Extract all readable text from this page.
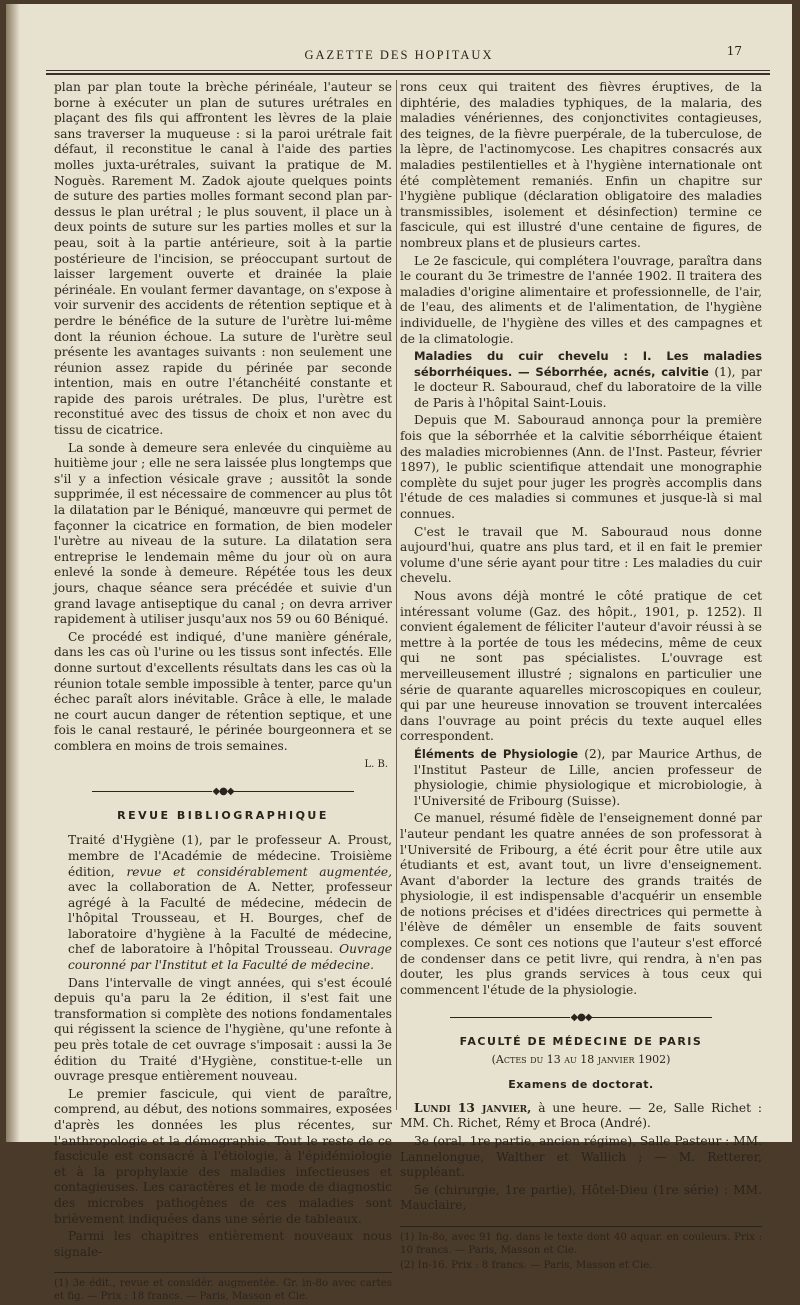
GAZETTE DES HOPITAUX	17

plan par plan toute la brèche périnéale, l'auteur se borne à exécuter un plan de sutures urétrales en plaçant des fils qui affrontent les lèvres de la plaie sans traverser la muqueuse : si la paroi urétrale fait défaut, il reconstitue le canal à l'aide des parties molles juxta-urétrales, suivant la pratique de M. Noguès. Rarement M. Zadok ajoute quelques points de suture des parties molles formant second plan par-dessus le plan urétral ; le plus souvent, il place un à deux points de suture sur les parties molles et sur la peau, soit à la partie antérieure, soit à la partie postérieure de l'incision, se préoccupant surtout de laisser largement ouverte et drainée la plaie périnéale. En voulant fermer davantage, on s'expose à voir survenir des accidents de rétention septique et à perdre le bénéfice de la suture de l'urètre lui-même dont la réunion échoue. La suture de l'urètre seul présente les avantages suivants : non seulement une réunion assez rapide du périnée par seconde intention, mais en outre l'étanchéité constante et rapide des parois urétrales. De plus, l'urètre est reconstitué avec des tissus de choix et non avec du tissu de cicatrice.

La sonde à demeure sera enlevée du cinquième au huitième jour ; elle ne sera laissée plus longtemps que s'il y a infection vésicale grave ; aussitôt la sonde supprimée, il est nécessaire de commencer au plus tôt la dilatation par le Béniqué, manœuvre qui permet de façonner la cicatrice en formation, de bien modeler l'urètre au niveau de la suture. La dilatation sera entreprise le lendemain même du jour où on aura enlevé la sonde à demeure. Répétée tous les deux jours, chaque séance sera précédée et suivie d'un grand lavage antiseptique du canal ; on devra arriver rapidement à utiliser jusqu'aux nos 59 ou 60 Béniqué.

Ce procédé est indiqué, d'une manière générale, dans les cas où l'urine ou les tissus sont infectés. Elle donne surtout d'excellents résultats dans les cas où la réunion totale semble impossible à tenter, parce qu'un échec paraît alors inévitable. Grâce à elle, le malade ne court aucun danger de rétention septique, et une fois le canal restauré, le périnée bourgeonnera et se comblera en moins de trois semaines.

L. B.
◆●◆
REVUE BIBLIOGRAPHIQUE

Traité d'Hygiène (1), par le professeur A. Proust, membre de l'Académie de médecine. Troisième édition, revue et considérablement augmentée, avec la collaboration de A. Netter, professeur agrégé à la Faculté de médecine, médecin de l'hôpital Trousseau, et H. Bourges, chef de laboratoire d'hygiène à la Faculté de médecine, chef de laboratoire à l'hôpital Trousseau. Ouvrage couronné par l'Institut et la Faculté de médecine.

Dans l'intervalle de vingt années, qui s'est écoulé depuis qu'a paru la 2e édition, il s'est fait une transformation si complète des notions fondamentales qui régissent la science de l'hygiène, qu'une refonte à peu près totale de cet ouvrage s'imposait : aussi la 3e édition du Traité d'Hygiène, constitue-t-elle un ouvrage presque entièrement nouveau.

Le premier fascicule, qui vient de paraître, comprend, au début, des notions sommaires, exposées d'après les données les plus récentes, sur l'anthropologie et la démographie. Tout le reste de ce fascicule est consacré à l'étiologie, à l'épidémiologie et à la prophylaxie des maladies infectieuses et contagieuses. Les caractères et le mode de diagnostic des microbes pathogènes de ces maladies sont brièvement indiquées dans une série de tableaux.

Parmi les chapitres entièrement nouveaux nous signale-

(1) 3e édit., revue et considér. augmentée. Gr. in-8o avec cartes et fig. — Prix : 18 francs. — Paris, Masson et Cie.

rons ceux qui traitent des fièvres éruptives, de la diphtérie, des maladies typhiques, de la malaria, des maladies vénériennes, des conjonctivites contagieuses, des teignes, de la fièvre puerpérale, de la tuberculose, de la lèpre, de l'actinomycose. Les chapitres consacrés aux maladies pestilentielles et à l'hygiène internationale ont été complètement remaniés. Enfin un chapitre sur l'hygiène publique (déclaration obligatoire des maladies transmissibles, isolement et désinfection) termine ce fascicule, qui est illustré d'une centaine de figures, de nombreux plans et de plusieurs cartes.

Le 2e fascicule, qui complétera l'ouvrage, paraîtra dans le courant du 3e trimestre de l'année 1902. Il traitera des maladies d'origine alimentaire et professionnelle, de l'air, de l'eau, des aliments et de l'alimentation, de l'hygiène individuelle, de l'hygiène des villes et des campagnes et de la climatologie.

Maladies du cuir chevelu : I. Les maladies séborrhéiques. — Séborrhée, acnés, calvitie (1), par le docteur R. Sabouraud, chef du laboratoire de la ville de Paris à l'hôpital Saint-Louis.

Depuis que M. Sabouraud annonça pour la première fois que la séborrhée et la calvitie séborrhéique étaient des maladies microbiennes (Ann. de l'Inst. Pasteur, février 1897), le public scientifique attendait une monographie complète du sujet pour juger les progrès accomplis dans l'étude de ces maladies si communes et jusque-là si mal connues.

C'est le travail que M. Sabouraud nous donne aujourd'hui, quatre ans plus tard, et il en fait le premier volume d'une série ayant pour titre : Les maladies du cuir chevelu.

Nous avons déjà montré le côté pratique de cet intéressant volume (Gaz. des hôpit., 1901, p. 1252). Il convient également de féliciter l'auteur d'avoir réussi à se mettre à la portée de tous les médecins, même de ceux qui ne sont pas spécialistes. L'ouvrage est merveilleusement illustré ; signalons en particulier une série de quarante aquarelles microscopiques en couleur, qui par une heureuse innovation se trouvent intercalées dans l'ouvrage au point précis du texte auquel elles correspondent.

Éléments de Physiologie (2), par Maurice Arthus, de l'Institut Pasteur de Lille, ancien professeur de physiologie, chimie physiologique et microbiologie, à l'Université de Fribourg (Suisse).

Ce manuel, résumé fidèle de l'enseignement donné par l'auteur pendant les quatre années de son professorat à l'Université de Fribourg, a été écrit pour être utile aux étudiants et est, avant tout, un livre d'enseignement. Avant d'aborder la lecture des grands traités de physiologie, il est indispensable d'acquérir un ensemble de notions précises et d'idées directrices qui permette à l'élève de démêler un ensemble de faits souvent complexes. Ce sont ces notions que l'auteur s'est efforcé de condenser dans ce petit livre, qui rendra, à n'en pas douter, les plus grands services à tous ceux qui commencent l'étude de la physiologie.

◆●◆
FACULTÉ DE MÉDECINE DE PARIS
(Actes du 13 au 18 janvier 1902)
Examens de doctorat.

Lundi 13 janvier, à une heure. — 2e, Salle Richet : MM. Ch. Richet, Rémy et Broca (André).

3e (oral, 1re partie, ancien régime), Salle Pasteur : MM. Lannelongue, Walther et Wallich ; — M. Retterer, suppléant.

5e (chirurgie, 1re partie), Hôtel-Dieu (1re série) : MM. Mauclaire,

(1) In-8o, avec 91 fig. dans le texte dont 40 aquar. en couleurs. Prix : 10 francs. — Paris, Masson et Cie.

(2) In-16. Prix : 8 francs. — Paris, Masson et Cie.
